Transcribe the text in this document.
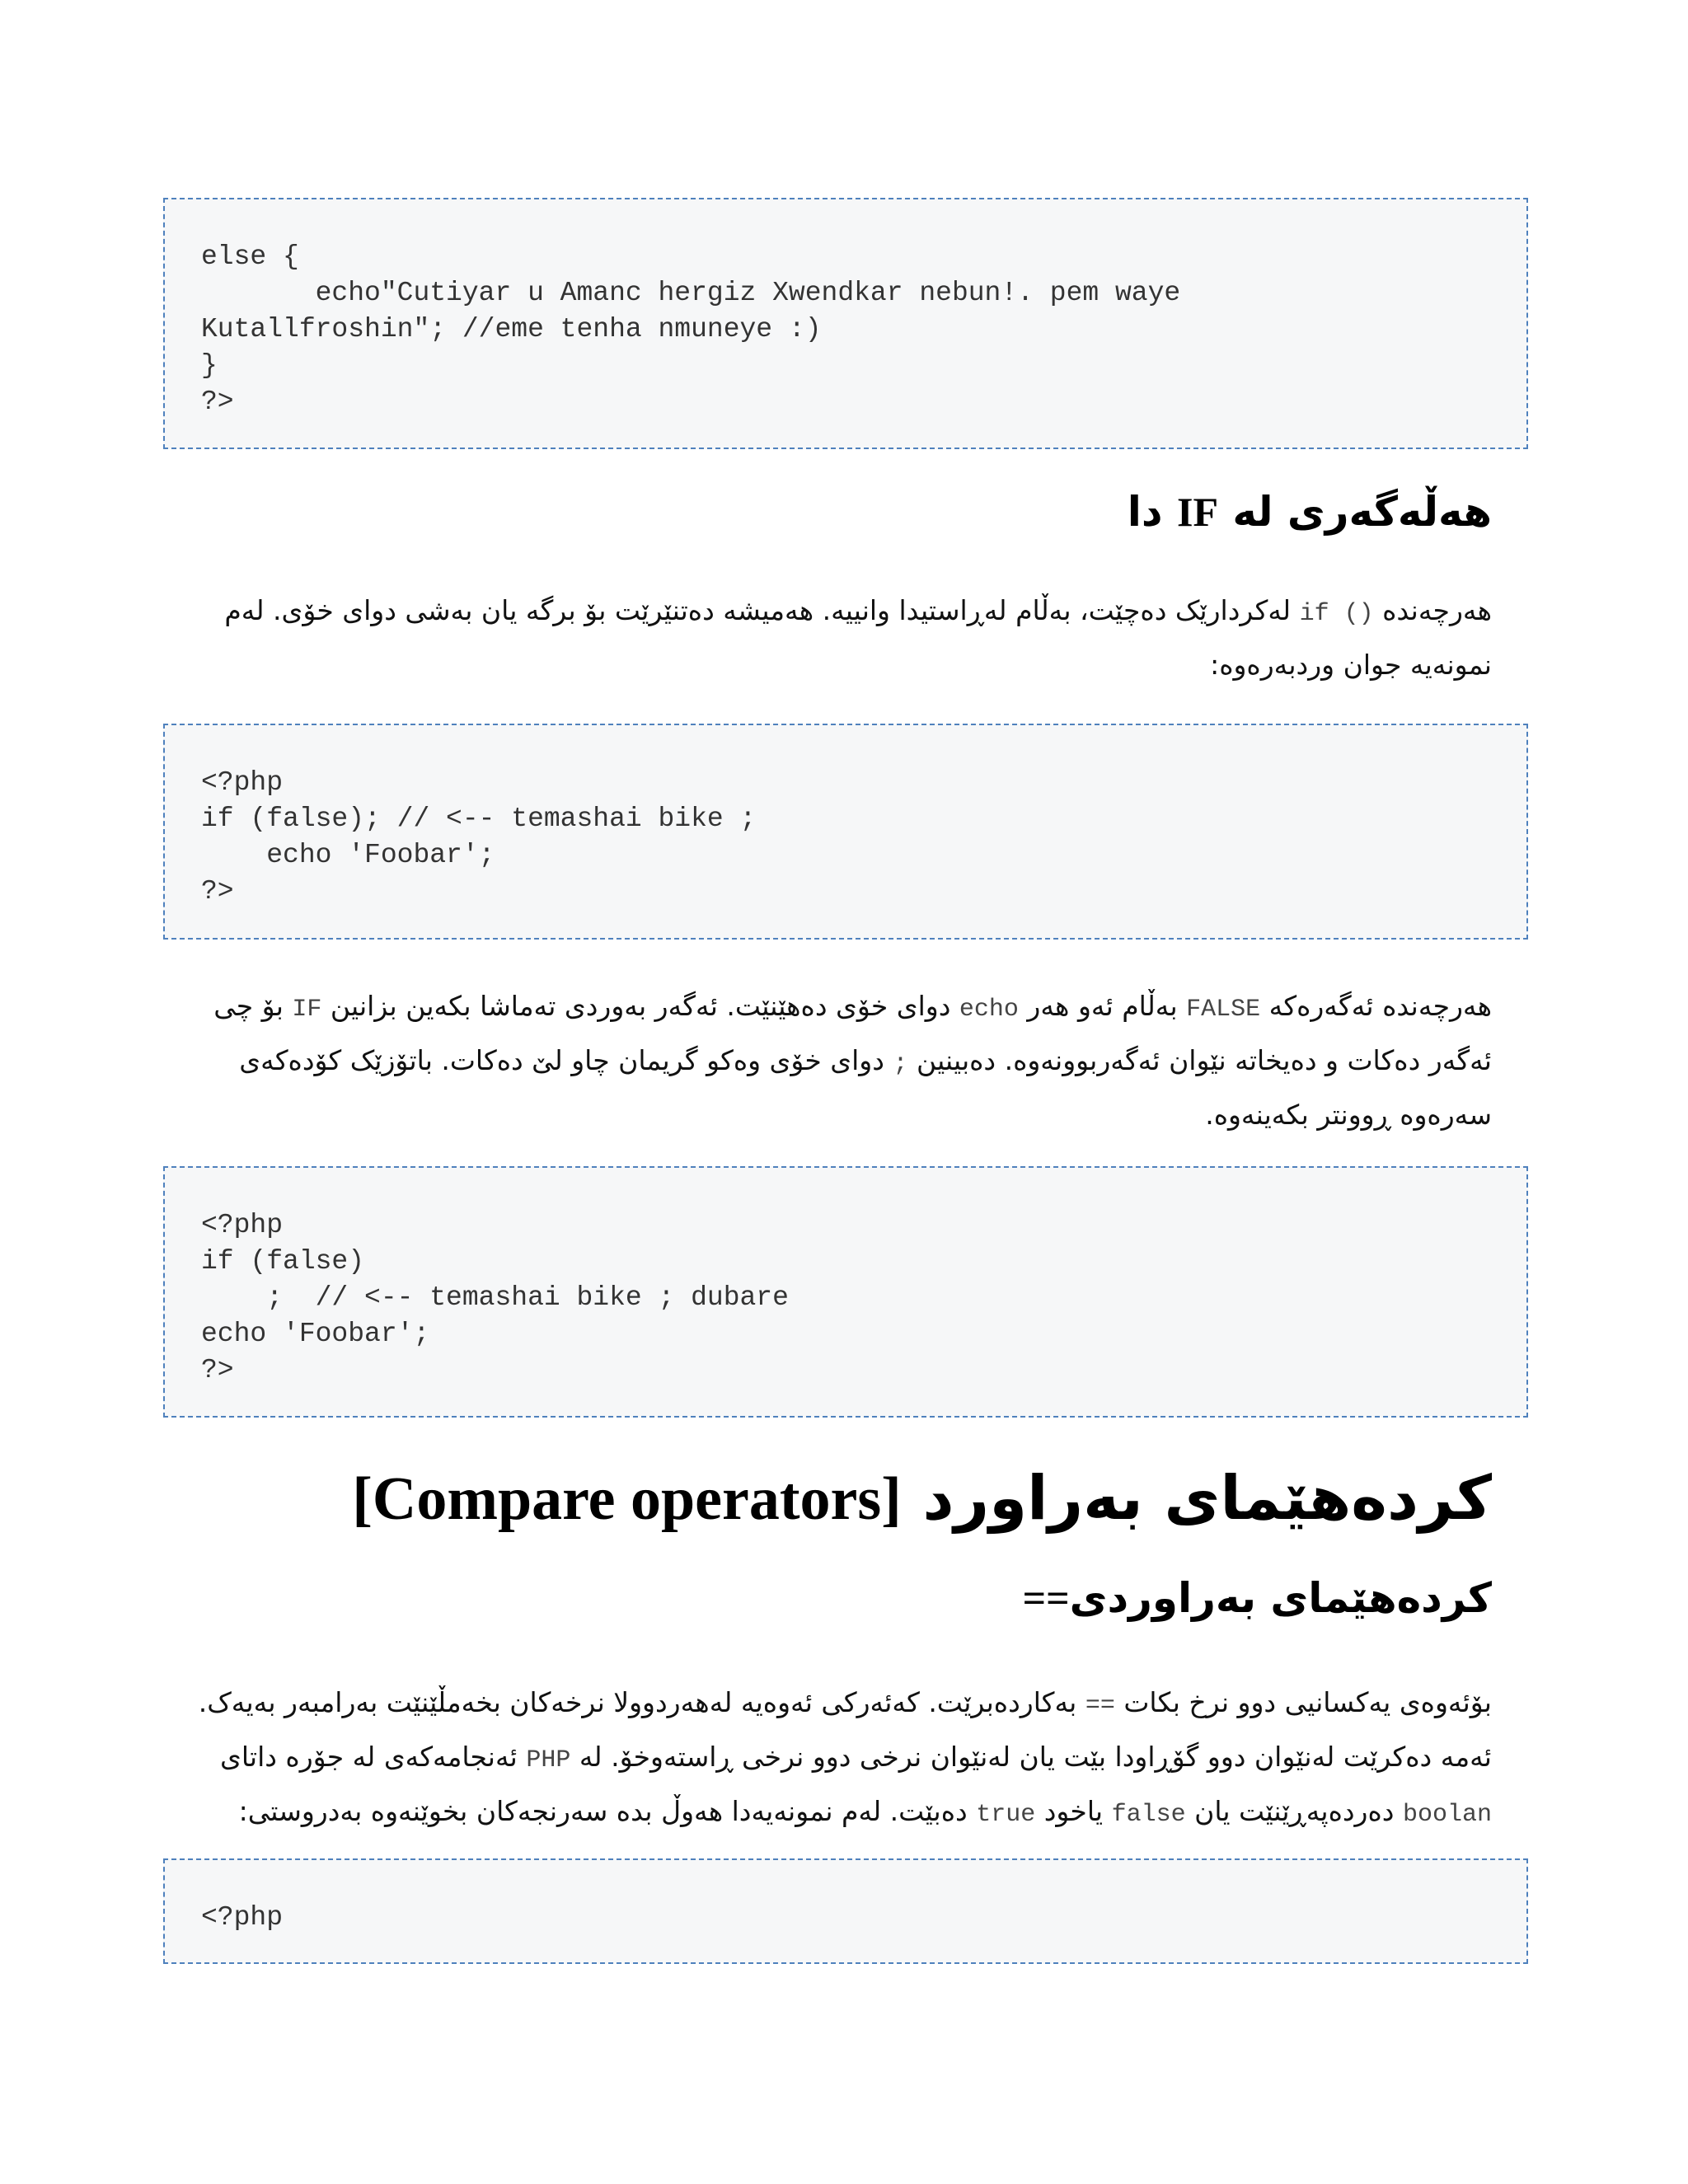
else {
echo"Cutiyar u Amanc hergiz Xwendkar nebun!. pem waye
Kutallfroshin"; //eme tenha nmuneye :)
}
?>
هەڵەگەری لە IF دا

هەرچەندە if () لەکردارێک دەچێت، بەڵام لەڕاستیدا وانییە. هەمیشە دەتنێرێت بۆ برگە یان بەشی دوای خۆی. لەم نمونەیە جوان وردبەرەوە:

<?php
if (false); // <-- temashai bike ;
echo 'Foobar';
?>

هەرچەندە ئەگەرەکە FALSE بەڵام ئەو هەر echo دوای خۆی دەهێنێت. ئەگەر بەوردی تەماشا بکەین بزانین IF بۆ چی ئەگەر دەکات و دەیخاتە نێوان ئەگەربوونەوە. دەبینین ; دوای خۆی وەکو گریمان چاو لێ دەکات. باتۆزێک کۆدەکەی سەرەوە ڕوونتر بکەینەوە.

<?php
if (false)
;  // <-- temashai bike ; dubare
echo 'Foobar';
?>
کردەهێمای بەراورد [Compare operators]
کردەهێمای بەراوردی==

بۆئەوەی یەکسانیی دوو نرخ بکات == بەکاردەبرێت. کەئەرکی ئەوەیە لەهەردوولا نرخەکان بخەمڵێنێت بەرامبەر بەیەک. ئەمە دەکرێت لەنێوان دوو گۆڕاودا بێت یان لەنێوان نرخی دوو نرخی ڕاستەوخۆ. لە PHP ئەنجامەکەی لە جۆرە داتای boolan دەردەپەڕێنێت یان false یاخود true دەبێت. لەم نمونەیەدا هەوڵ بدە سەرنجەکان بخوێنەوە بەدروستی:

<?php
